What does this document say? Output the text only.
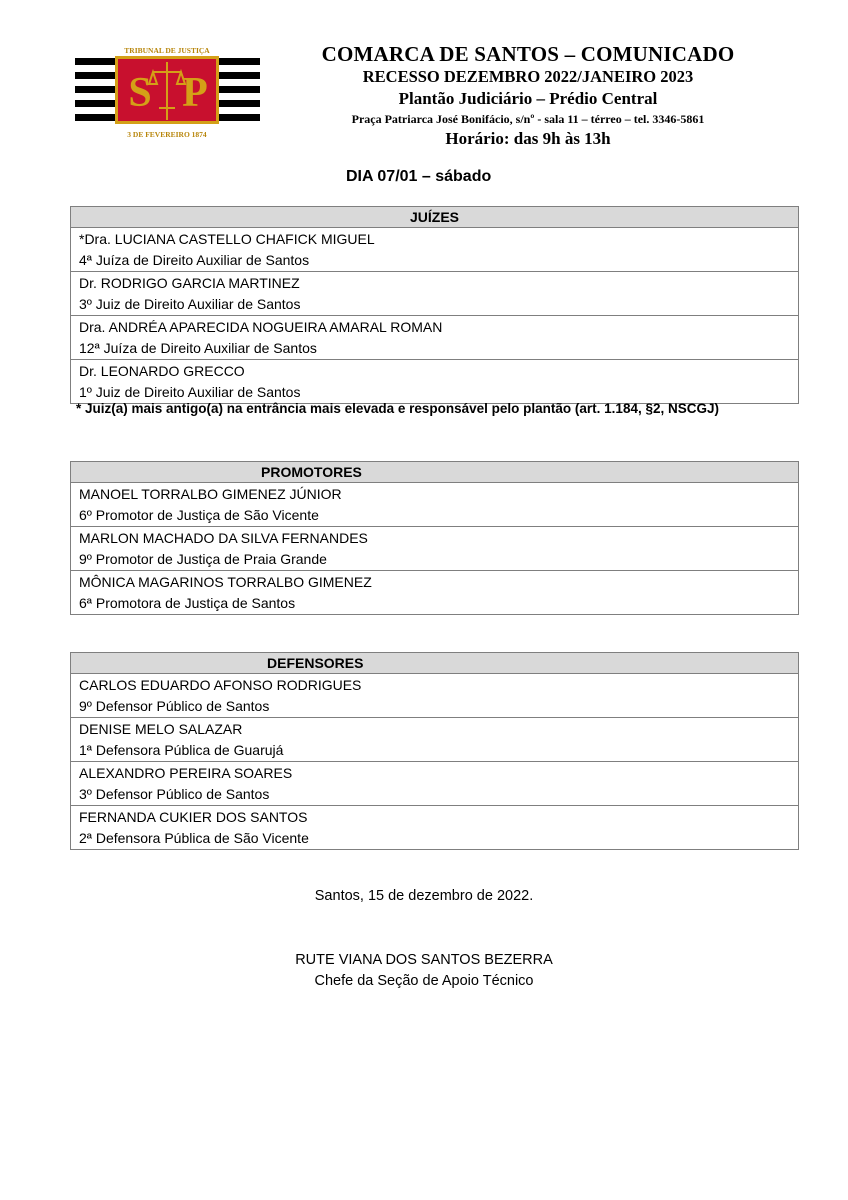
TRIBUNAL DE JUSTIÇA
S P
3 DE FEVEREIRO 1874
COMARCA DE SANTOS – COMUNICADO
RECESSO DEZEMBRO 2022/JANEIRO 2023
Plantão Judiciário – Prédio Central
Praça Patriarca José Bonifácio, s/nº - sala 11 – térreo – tel. 3346-5861
Horário: das 9h às 13h
DIA 07/01 – sábado
JUÍZES

*Dra. LUCIANA CASTELLO CHAFICK MIGUEL
4ª Juíza de Direito Auxiliar de Santos

Dr. RODRIGO GARCIA MARTINEZ
3º Juiz de Direito Auxiliar de Santos

Dra. ANDRÉA APARECIDA NOGUEIRA AMARAL ROMAN
12ª Juíza de Direito Auxiliar de Santos

Dr. LEONARDO GRECCO
1º Juiz de Direito Auxiliar de Santos
* Juiz(a) mais antigo(a) na entrância mais elevada e responsável pelo plantão (art. 1.184, §2, NSCGJ)
PROMOTORES

MANOEL TORRALBO GIMENEZ JÚNIOR
6º Promotor de Justiça de São Vicente

MARLON MACHADO DA SILVA FERNANDES
9º Promotor de Justiça de Praia Grande

MÔNICA MAGARINOS TORRALBO GIMENEZ
6ª Promotora de Justiça de Santos
DEFENSORES

CARLOS EDUARDO AFONSO RODRIGUES
9º Defensor Público de Santos

DENISE MELO SALAZAR
1ª Defensora Pública de Guarujá

ALEXANDRO PEREIRA SOARES
3º Defensor Público de Santos

FERNANDA CUKIER DOS SANTOS
2ª Defensora Pública de São Vicente
Santos, 15 de dezembro de 2022.
RUTE VIANA DOS SANTOS BEZERRA
Chefe da Seção de Apoio Técnico
